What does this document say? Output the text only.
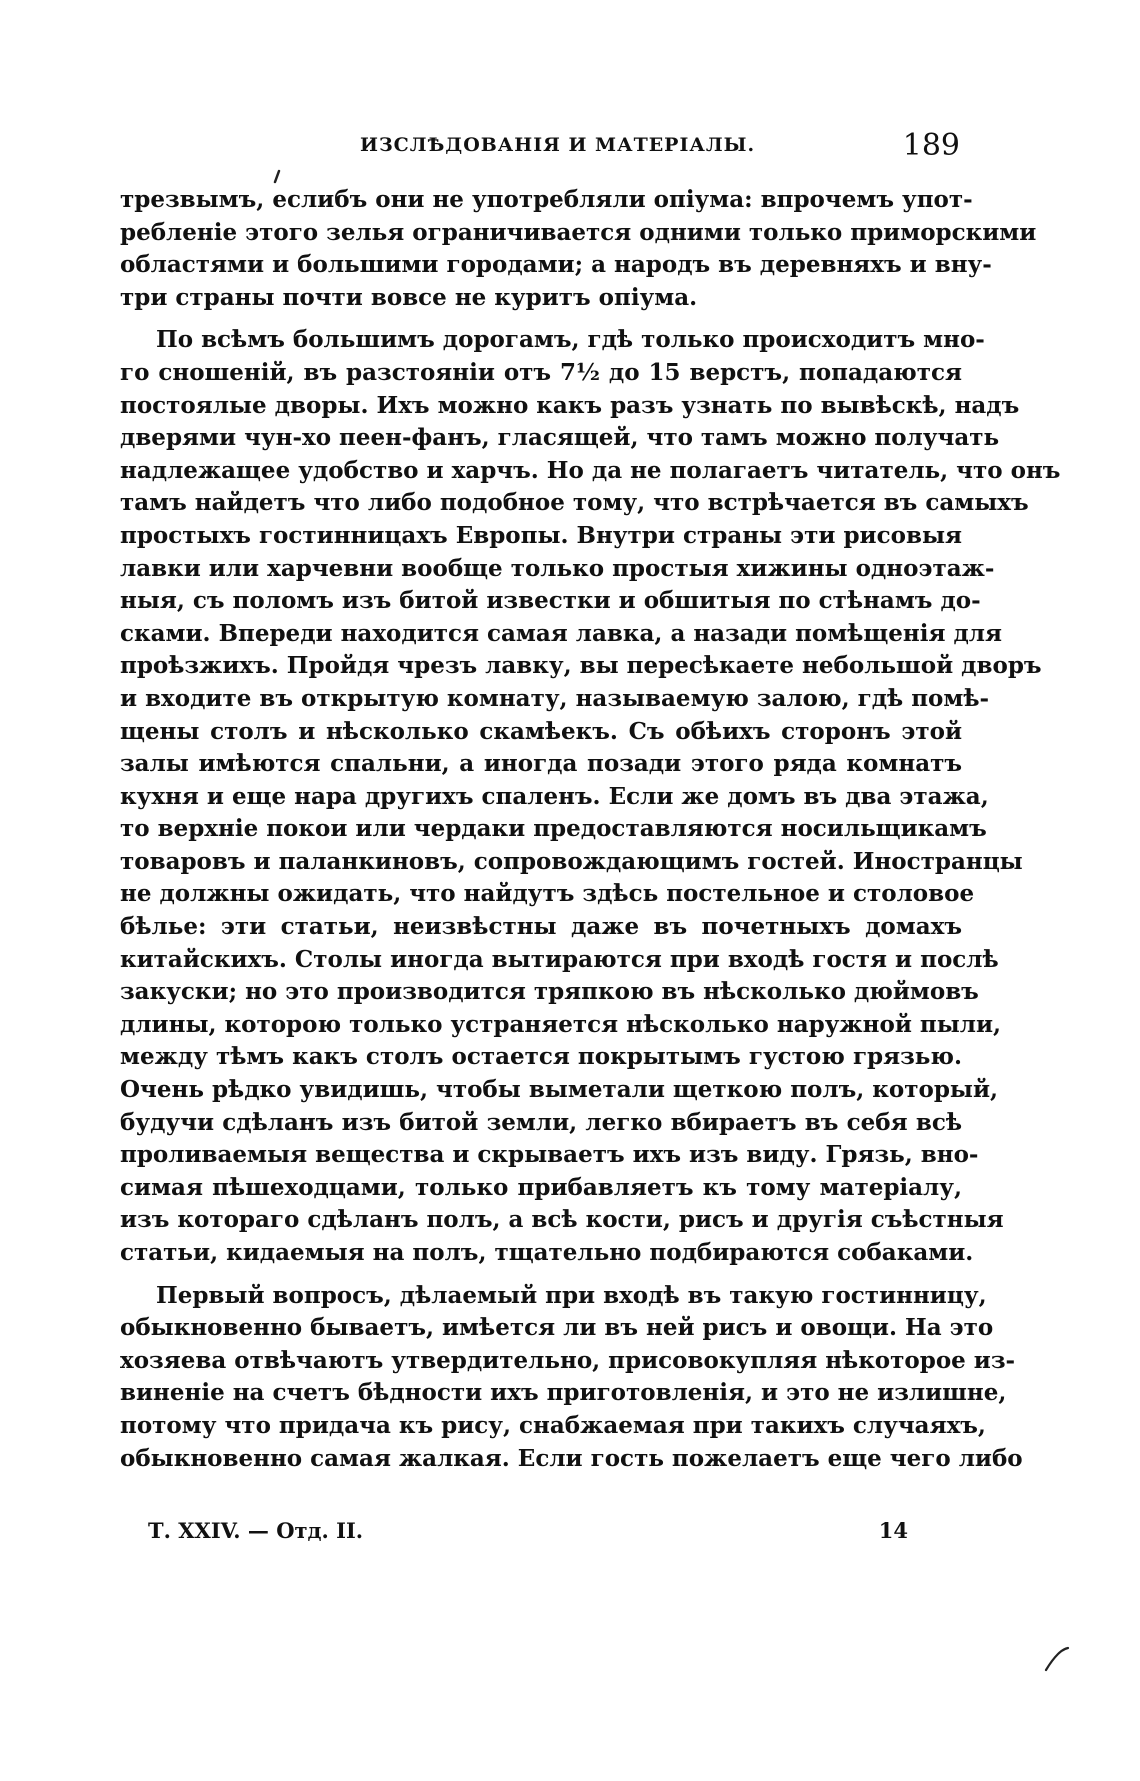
ИЗСЛѢДОВАНІЯ И МАТЕРІАЛЫ.	189
трезвымъ, еслибъ они не употребляли опіума: впрочемъ упот-
ребленіе этого зелья ограничивается одними только приморскими
областями и большими городами; а народъ въ деревняхъ и вну-
три страны почти вовсе не куритъ опіума.
По всѣмъ большимъ дорогамъ, гдѣ только происходитъ мно-
го сношеній, въ разстояніи отъ 7½ до 15 верстъ, попадаются
постоялые дворы. Ихъ можно какъ разъ узнать по вывѣскѣ, надъ
дверями чун-хо пеен-фанъ, гласящей, что тамъ можно получать
надлежащее удобство и харчъ. Но да не полагаетъ читатель, что онъ
тамъ найдетъ что либо подобное тому, что встрѣчается въ самыхъ
простыхъ гостинницахъ Европы. Внутри страны эти рисовыя
лавки или харчевни вообще только простыя хижины одноэтаж-
ныя, съ поломъ изъ битой известки и обшитыя по стѣнамъ до-
сками. Впереди находится самая лавка, а назади помѣщенія для
проѣзжихъ. Пройдя чрезъ лавку, вы пересѣкаете небольшой дворъ
и входите въ открытую комнату, называемую залою, гдѣ помѣ-
щены столъ и нѣсколько скамѣекъ. Съ обѣихъ сторонъ этой
залы имѣются спальни, а иногда позади этого ряда комнатъ
кухня и еще нара другихъ спаленъ. Если же домъ въ два этажа,
то верхніе покои или чердаки предоставляются носильщикамъ
товаровъ и паланкиновъ, сопровождающимъ гостей. Иностранцы
не должны ожидать, что найдутъ здѣсь постельное и столовое
бѣлье: эти статьи, неизвѣстны даже въ почетныхъ домахъ
китайскихъ. Столы иногда вытираются при входѣ гостя и послѣ
закуски; но это производится тряпкою въ нѣсколько дюймовъ
длины, которою только устраняется нѣсколько наружной пыли,
между тѣмъ какъ столъ остается покрытымъ густою грязью.
Очень рѣдко увидишь, чтобы выметали щеткою полъ, который,
будучи сдѣланъ изъ битой земли, легко вбираетъ въ себя всѣ
проливаемыя вещества и скрываетъ ихъ изъ виду. Грязь, вно-
симая пѣшеходцами, только прибавляетъ къ тому матеріалу,
изъ котораго сдѣланъ полъ, а всѣ кости, рисъ и другія съѣстныя
статьи, кидаемыя на полъ, тщательно подбираются собаками.
Первый вопросъ, дѣлаемый при входѣ въ такую гостинницу,
обыкновенно бываетъ, имѣется ли въ ней рисъ и овощи. На это
хозяева отвѣчаютъ утвердительно, присовокупляя нѣкоторое из-
виненіе на счетъ бѣдности ихъ приготовленія, и это не излишне,
потому что придача къ рису, снабжаемая при такихъ случаяхъ,
обыкновенно самая жалкая. Если гость пожелаетъ еще чего либо
Т. XXIV. — Отд. II.	14
